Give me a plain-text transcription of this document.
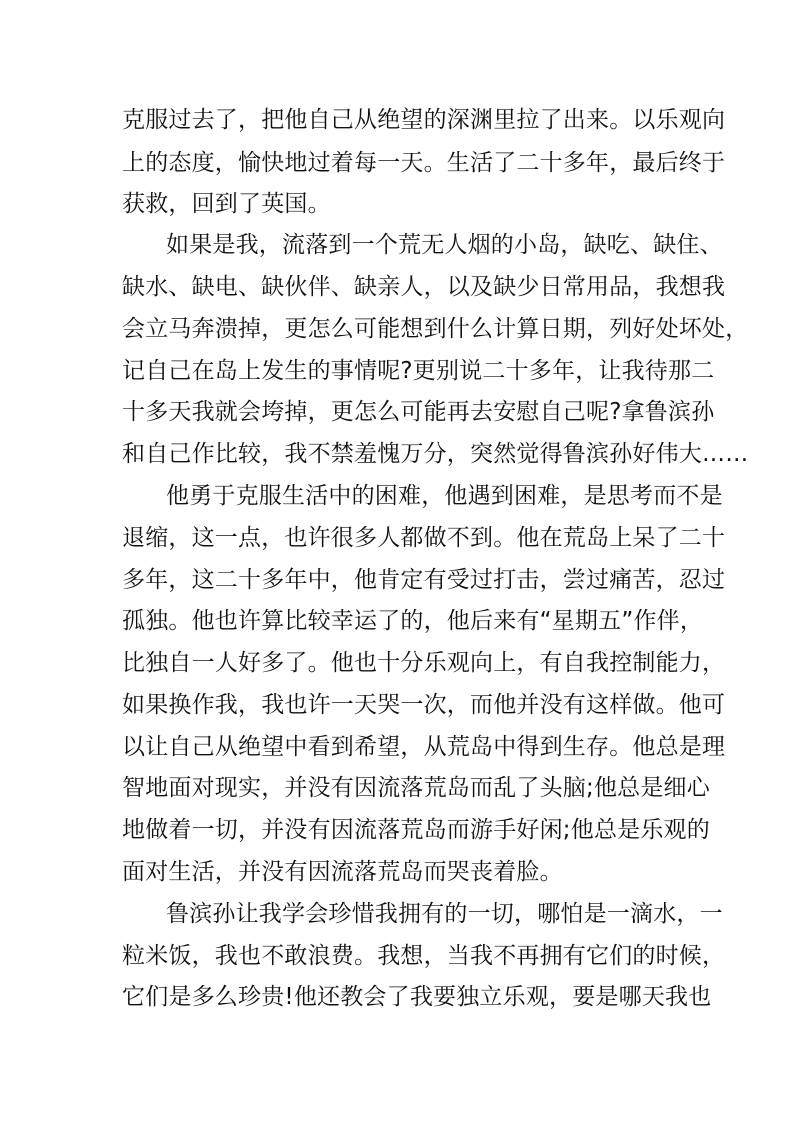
克服过去了，把他自己从绝望的深渊里拉了出来。以乐观向
上的态度，愉快地过着每一天。生活了二十多年，最后终于
获救，回到了英国。
如果是我，流落到一个荒无人烟的小岛，缺吃、缺住、
缺水、缺电、缺伙伴、缺亲人，以及缺少日常用品，我想我
会立马奔溃掉，更怎么可能想到什么计算日期，列好处坏处，
记自己在岛上发生的事情呢?更别说二十多年，让我待那二
十多天我就会垮掉，更怎么可能再去安慰自己呢?拿鲁滨孙
和自己作比较，我不禁羞愧万分，突然觉得鲁滨孙好伟大……
他勇于克服生活中的困难，他遇到困难，是思考而不是
退缩，这一点，也许很多人都做不到。他在荒岛上呆了二十
多年，这二十多年中，他肯定有受过打击，尝过痛苦，忍过
孤独。他也许算比较幸运了的，他后来有“星期五”作伴，
比独自一人好多了。他也十分乐观向上，有自我控制能力，
如果换作我，我也许一天哭一次，而他并没有这样做。他可
以让自己从绝望中看到希望，从荒岛中得到生存。他总是理
智地面对现实，并没有因流落荒岛而乱了头脑;他总是细心
地做着一切，并没有因流落荒岛而游手好闲;他总是乐观的
面对生活，并没有因流落荒岛而哭丧着脸。
鲁滨孙让我学会珍惜我拥有的一切，哪怕是一滴水，一
粒米饭，我也不敢浪费。我想，当我不再拥有它们的时候，
它们是多么珍贵!他还教会了我要独立乐观，要是哪天我也
